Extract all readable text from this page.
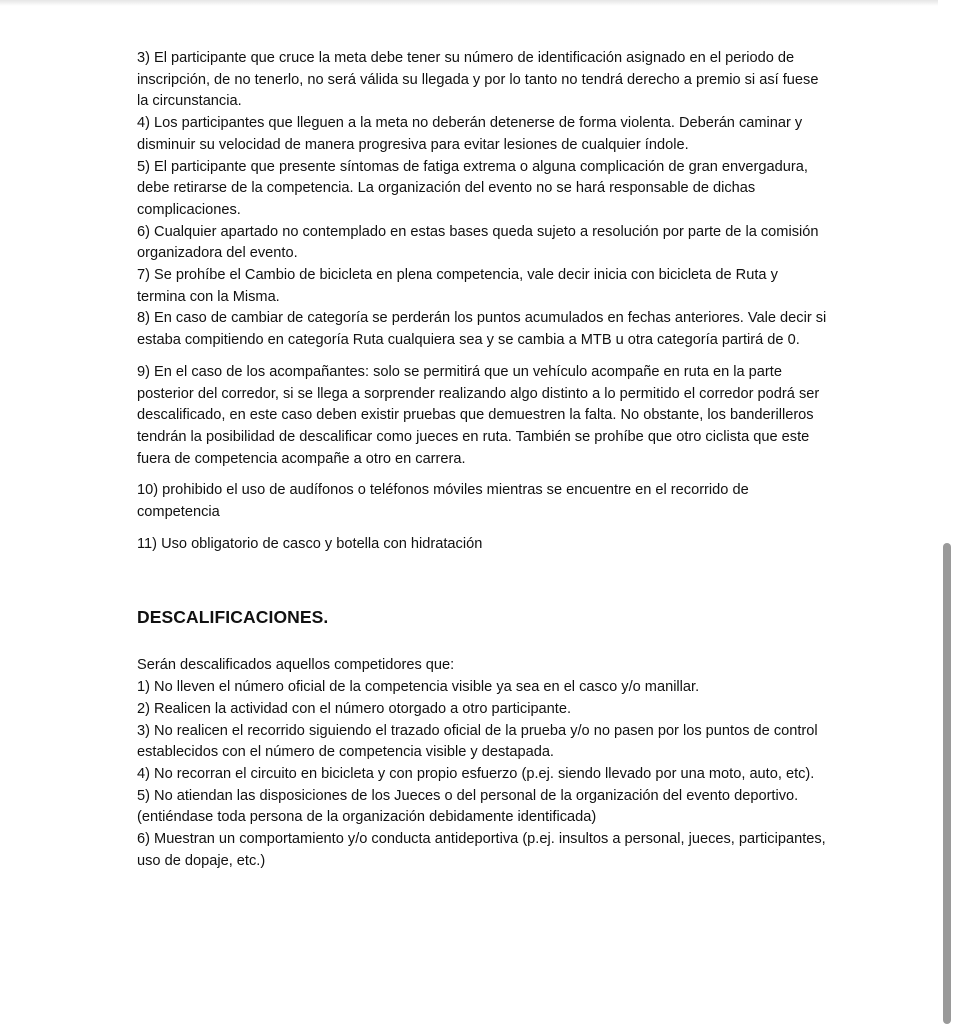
3) El participante que cruce la meta debe tener su número de identificación asignado en el periodo de inscripción, de no tenerlo, no será válida su llegada y por lo tanto no tendrá derecho a premio si así fuese la circunstancia.

4) Los participantes que lleguen a la meta no deberán detenerse de forma violenta. Deberán caminar y disminuir su velocidad de manera progresiva para evitar lesiones de cualquier índole.

5) El participante que presente síntomas de fatiga extrema o alguna complicación de gran envergadura, debe retirarse de la competencia. La organización del evento no se hará responsable de dichas complicaciones.

6) Cualquier apartado no contemplado en estas bases queda sujeto a resolución por parte de la comisión organizadora del evento.

7) Se prohíbe el Cambio de bicicleta en plena competencia, vale decir inicia con bicicleta de Ruta y termina con la Misma.

8) En caso de cambiar de categoría se perderán los puntos acumulados en fechas anteriores. Vale decir si estaba compitiendo en categoría Ruta cualquiera sea y se cambia a MTB u otra categoría partirá de 0.

9) En el caso de los acompañantes: solo se permitirá que un vehículo acompañe en ruta en la parte posterior del corredor, si se llega a sorprender realizando algo distinto a lo permitido el corredor podrá ser descalificado, en este caso deben existir pruebas que demuestren la falta. No obstante, los banderilleros tendrán la posibilidad de descalificar como jueces en ruta. También se prohíbe que otro ciclista que este fuera de competencia acompañe a otro en carrera.

10) prohibido el uso de audífonos o teléfonos móviles mientras se encuentre en el recorrido de competencia

11) Uso obligatorio de casco y botella con hidratación

DESCALIFICACIONES.

Serán descalificados aquellos competidores que:

1) No lleven el número oficial de la competencia visible ya sea en el casco y/o manillar.

2) Realicen la actividad con el número otorgado a otro participante.

3) No realicen el recorrido siguiendo el trazado oficial de la prueba y/o no pasen por los puntos de control establecidos con el número de competencia visible y destapada.

4) No recorran el circuito en bicicleta y con propio esfuerzo (p.ej. siendo llevado por una moto, auto, etc).

5) No atiendan las disposiciones de los Jueces o del personal de la organización del evento deportivo. (entiéndase toda persona de la organización debidamente identificada)

6) Muestran un comportamiento y/o conducta antideportiva (p.ej. insultos a personal, jueces, participantes, uso de dopaje, etc.)
